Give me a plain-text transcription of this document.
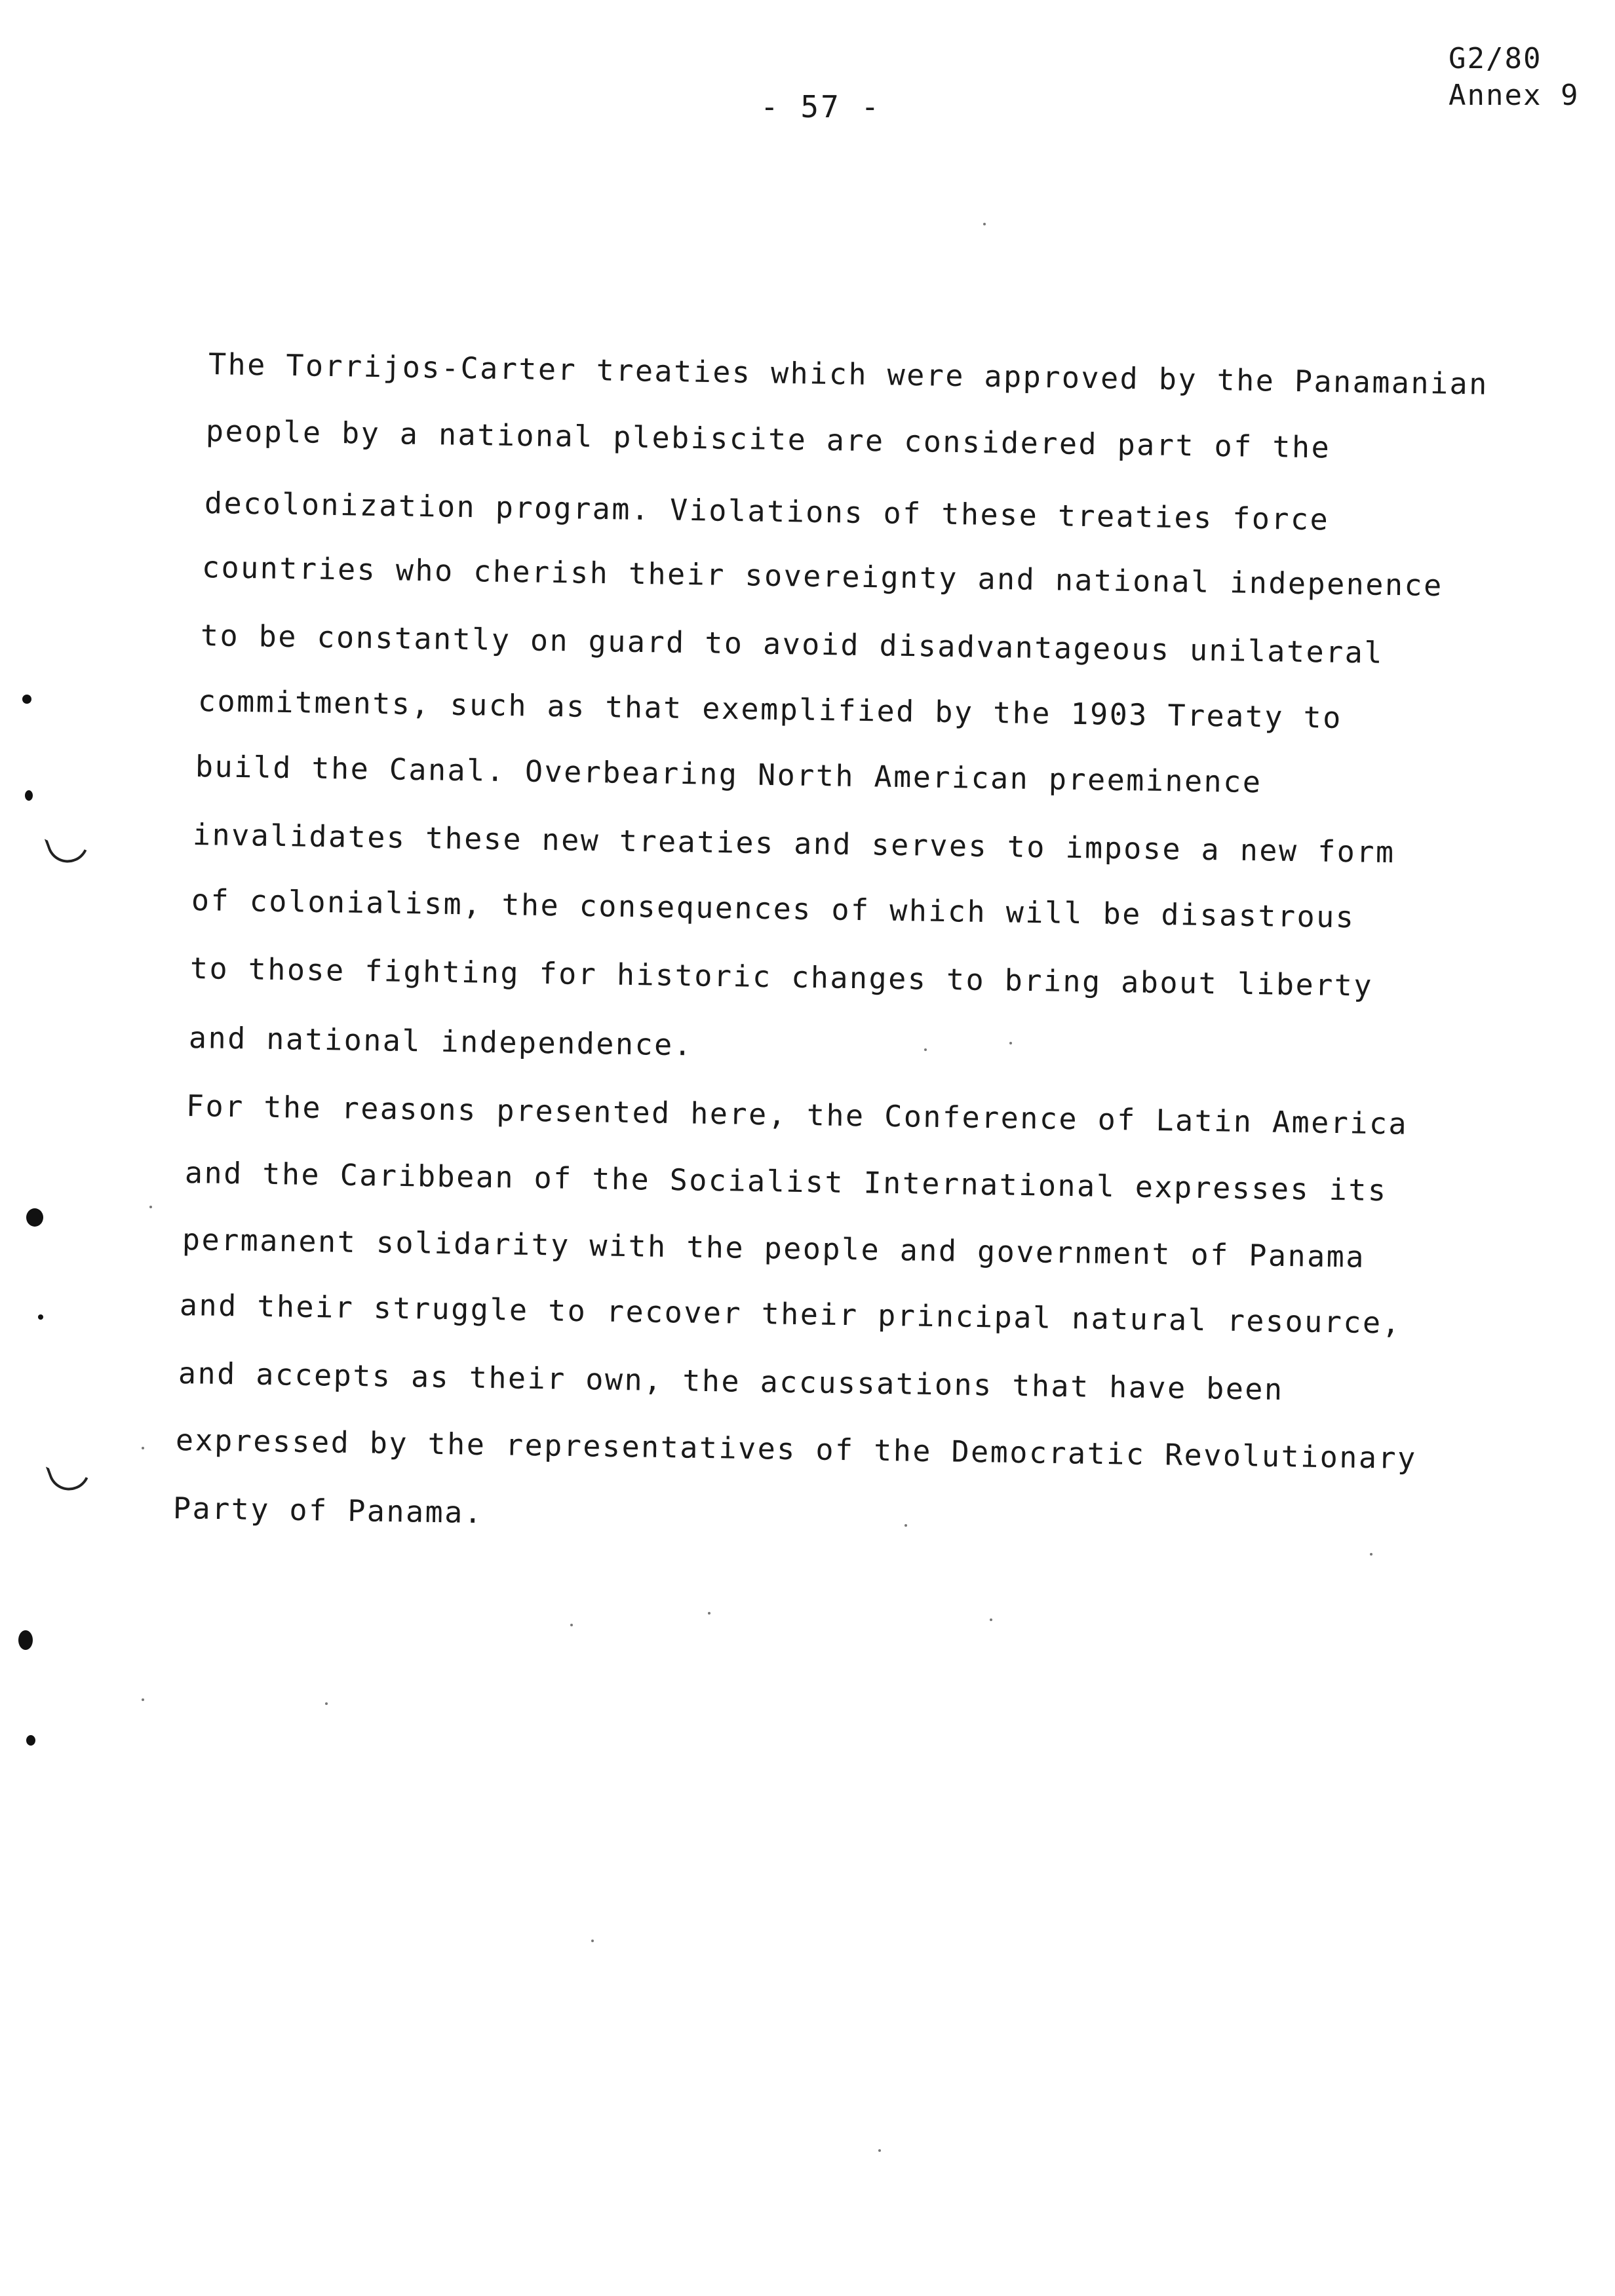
G2/80
Annex 9
- 57 -
The Torrijos-Carter treaties which were approved by the Panamanian
people by a national plebiscite are considered part of the
decolonization program. Violations of these treaties force
countries who cherish their sovereignty and national indepenence
to be constantly on guard to avoid disadvantageous unilateral
commitments, such as that exemplified by the 1903 Treaty to
build the Canal. Overbearing North American preeminence
invalidates these new treaties and serves to impose a new form
of colonialism, the consequences of which will be disastrous
to those fighting for historic changes to bring about liberty
and national independence.
For the reasons presented here, the Conference of Latin America
and the Caribbean of the Socialist International expresses its
permanent solidarity with the people and government of Panama
and their struggle to recover their principal natural resource,
and accepts as their own, the accussations that have been
expressed by the representatives of the Democratic Revolutionary
Party of Panama.
